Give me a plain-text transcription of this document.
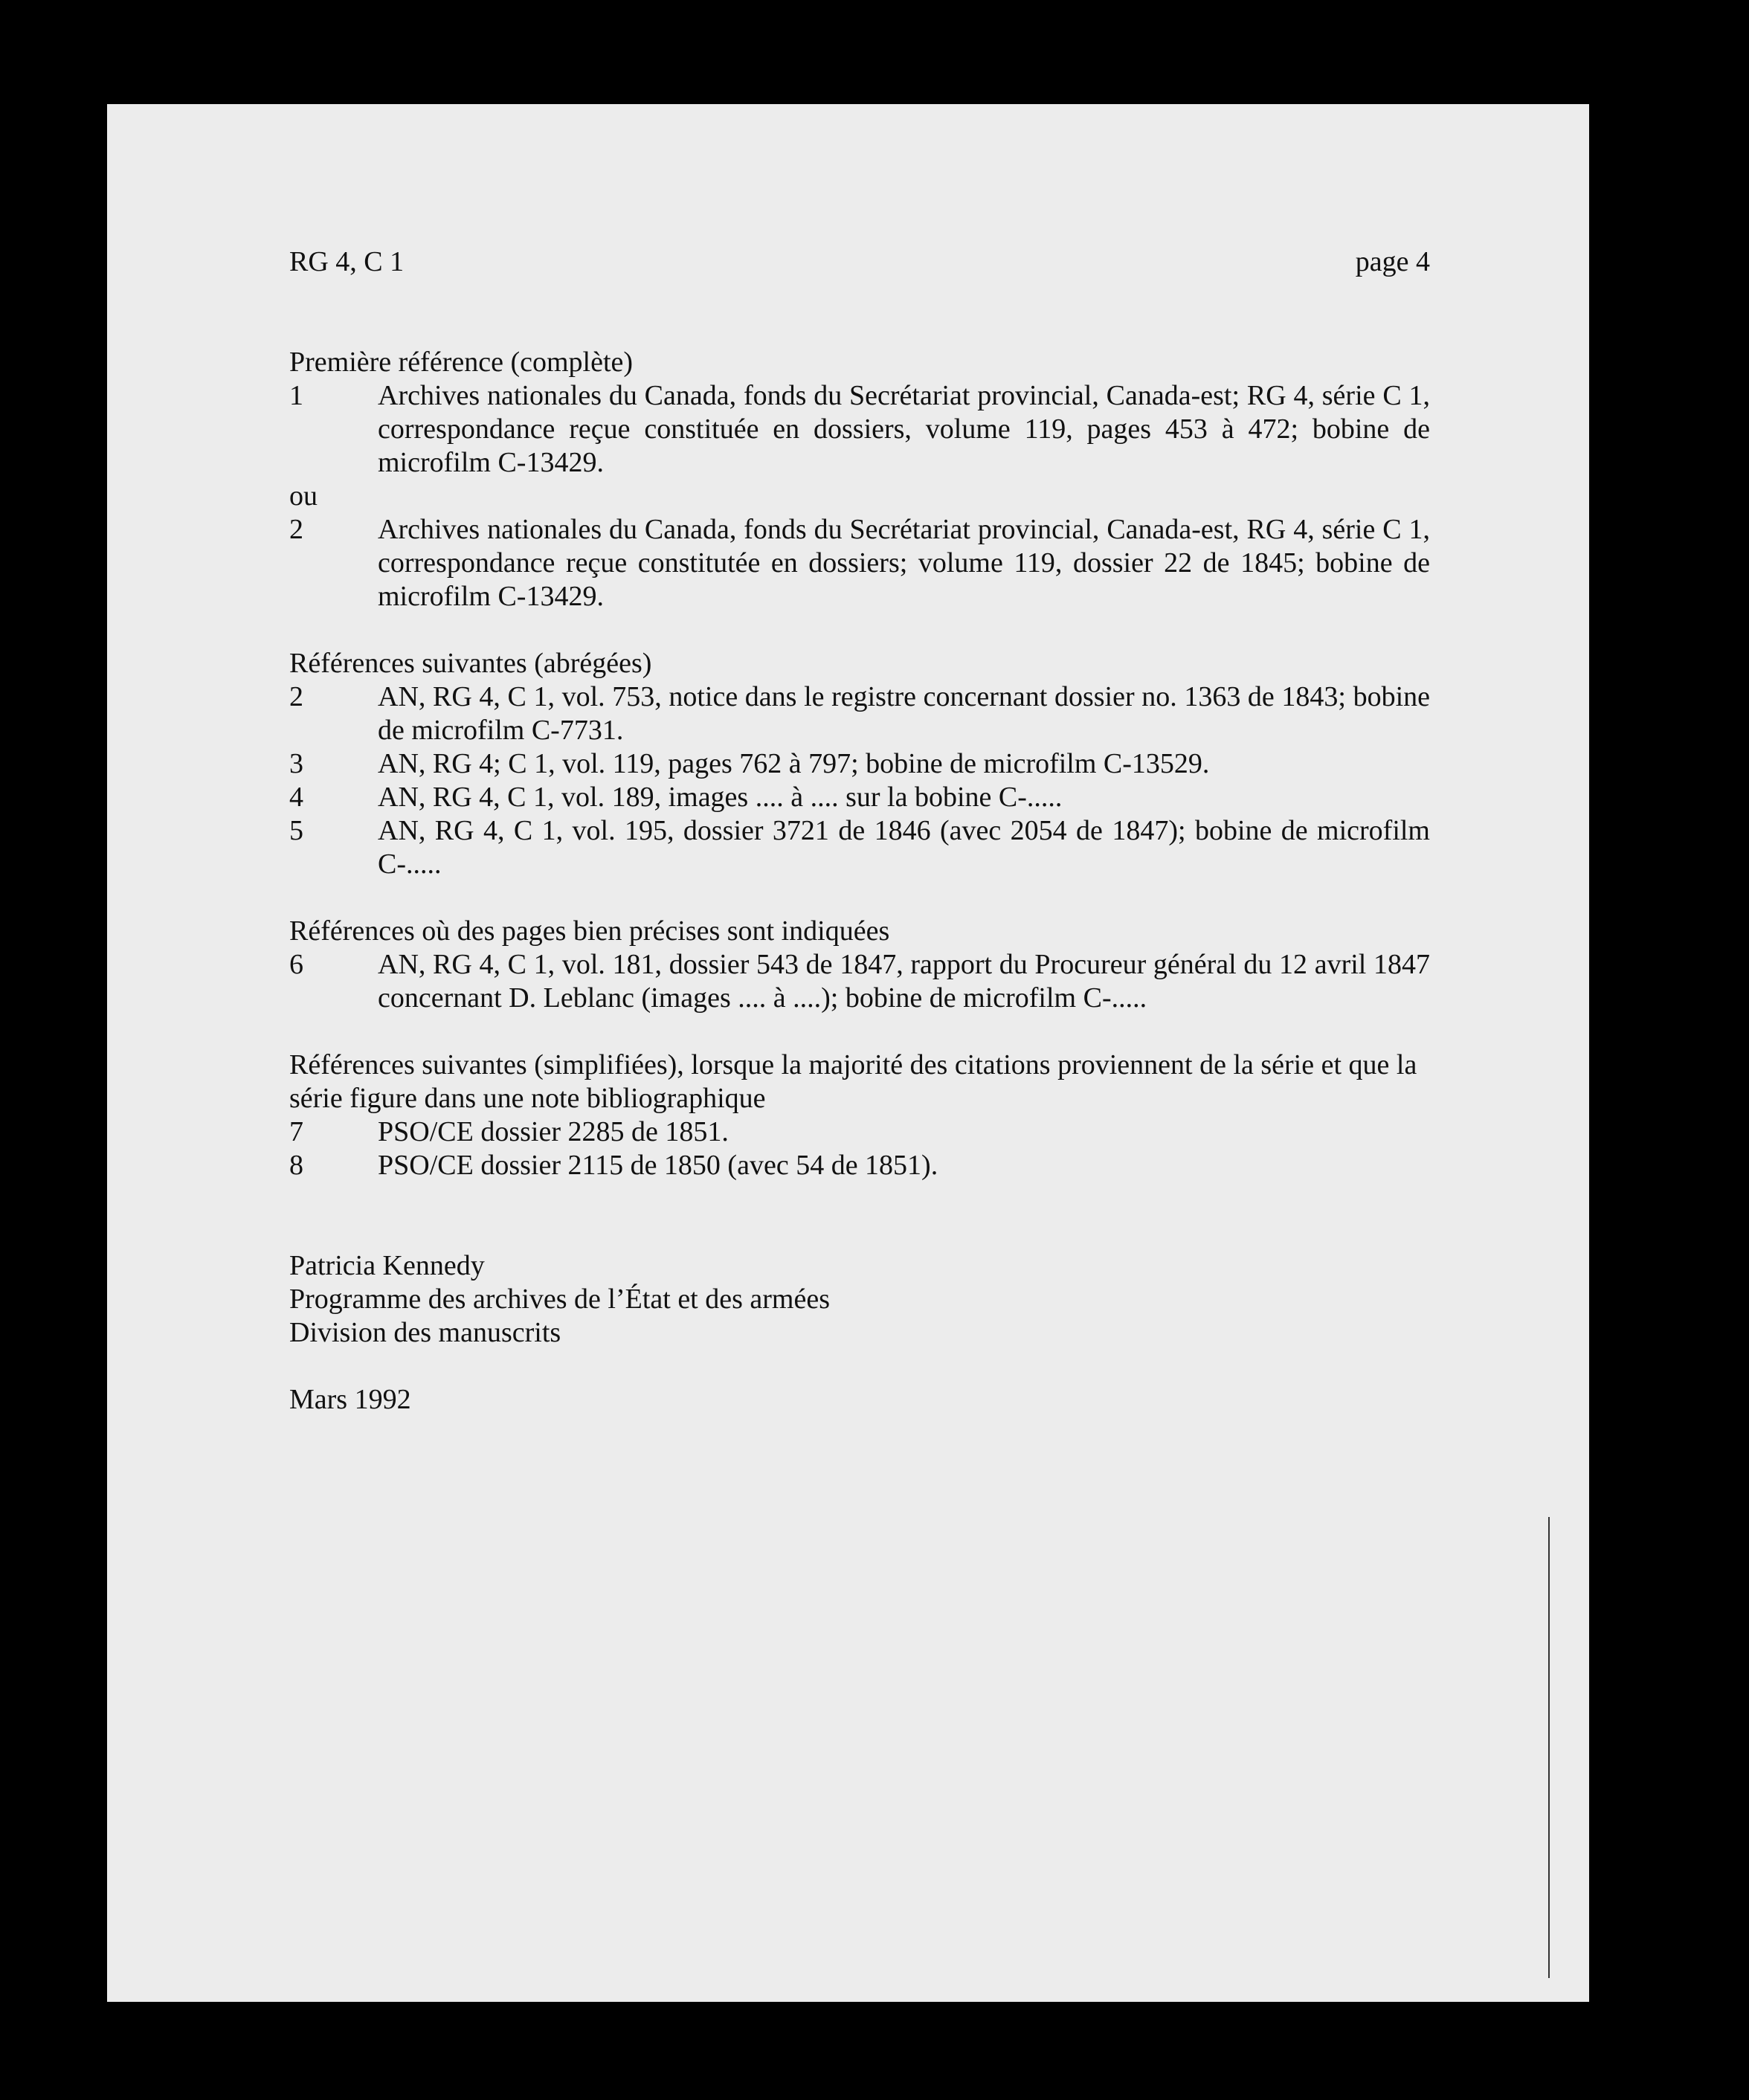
RG 4, C 1	page 4
Première référence (complète)
1	Archives nationales du Canada, fonds du Secrétariat provincial, Canada-est; RG 4, série C 1, correspondance reçue constituée en dossiers, volume 119, pages 453 à 472; bobine de microfilm C-13429.
ou
2	Archives nationales du Canada, fonds du Secrétariat provincial, Canada-est, RG 4, série C 1, correspondance reçue constitutée en dossiers; volume 119, dossier 22 de 1845; bobine de microfilm C-13429.
Références suivantes (abrégées)
2	AN, RG 4, C 1, vol. 753, notice dans le registre concernant dossier no. 1363 de 1843; bobine de microfilm C-7731.
3	AN, RG 4; C 1, vol. 119, pages 762 à 797; bobine de microfilm C-13529.
4	AN, RG 4, C 1, vol. 189, images .... à .... sur la bobine C-.....
5	AN, RG 4, C 1, vol. 195, dossier 3721 de 1846 (avec 2054 de 1847); bobine de microfilm C-.....
Références où des pages bien précises sont indiquées
6	AN, RG 4, C 1, vol. 181, dossier 543 de 1847, rapport du Procureur général du 12 avril 1847 concernant D. Leblanc (images .... à ....); bobine de microfilm C-.....
Références suivantes (simplifiées), lorsque la majorité des citations proviennent de la série et que la série figure dans une note bibliographique
7	PSO/CE dossier 2285 de 1851.
8	PSO/CE dossier 2115 de 1850 (avec 54 de 1851).
Patricia Kennedy
Programme des archives de l’État et des armées
Division des manuscrits
Mars 1992
